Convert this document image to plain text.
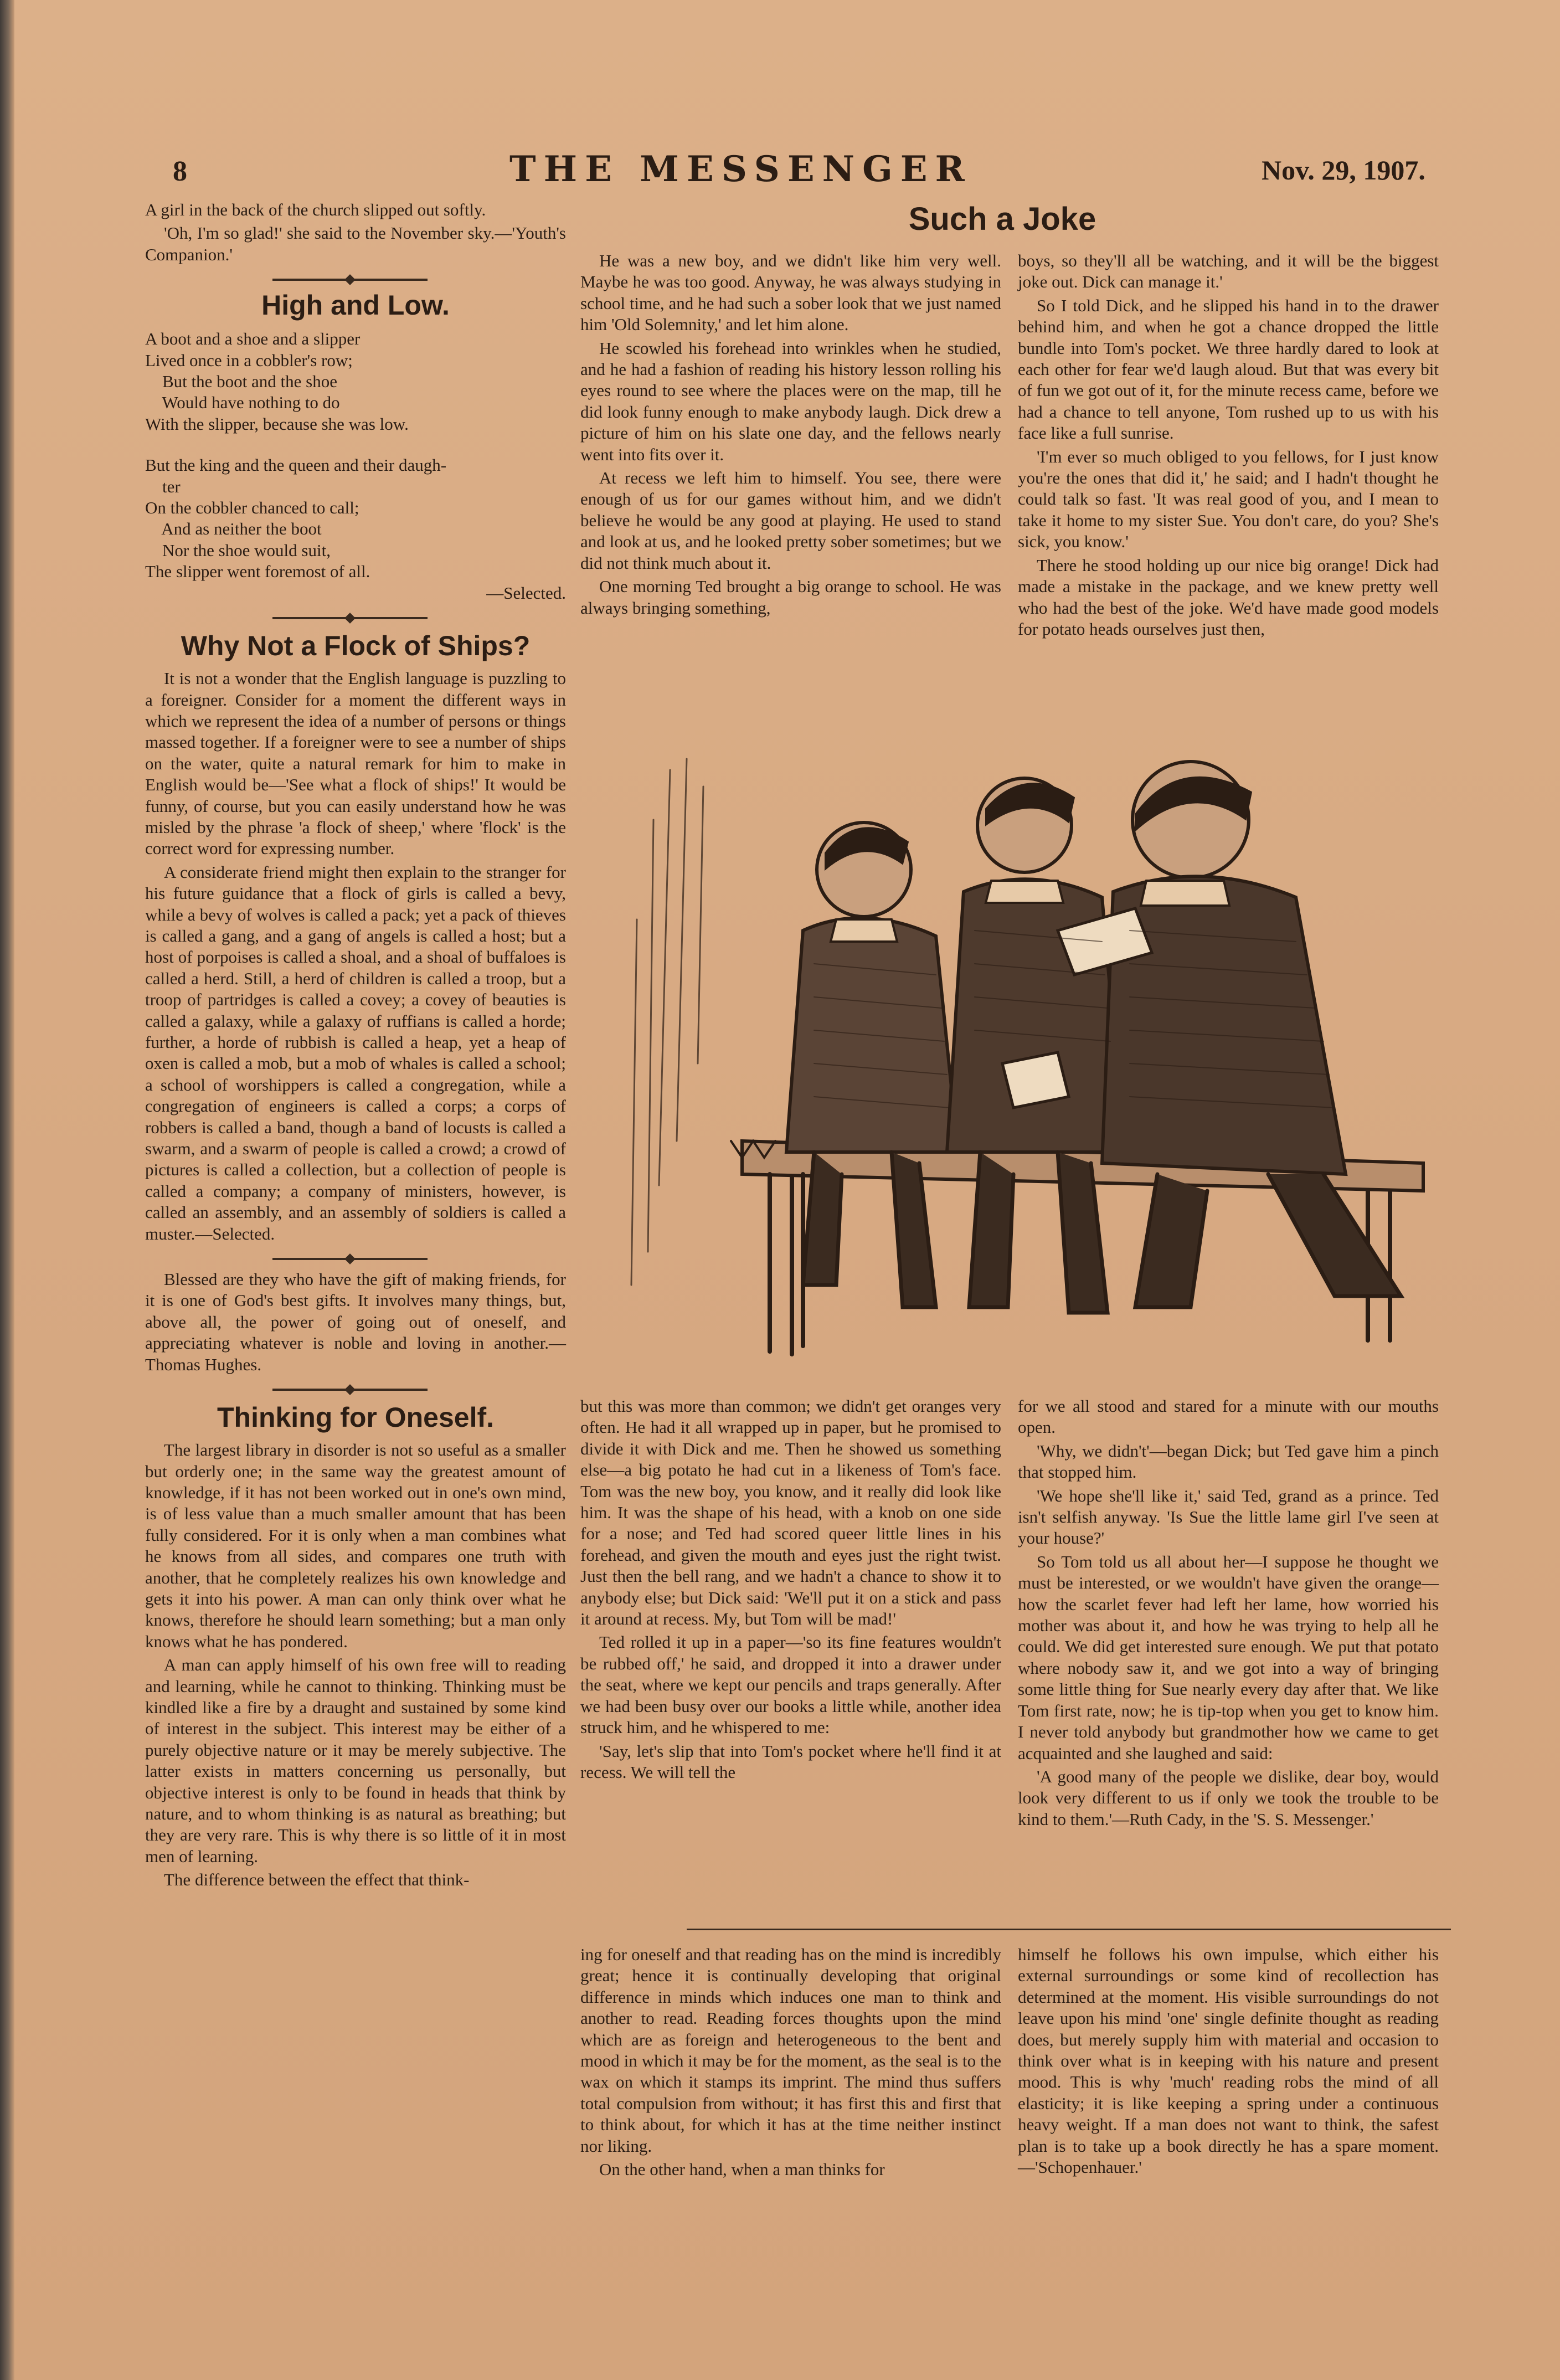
8	THE MESSENGER	Nov. 29, 1907.

A girl in the back of the church slipped out softly.

'Oh, I'm so glad!' she said to the November sky.—'Youth's Companion.'

High and Low.
A boot and a shoe and a slipper
Lived once in a cobbler's row;
But the boot and the shoe
Would have nothing to do
With the slipper, because she was low.
But the king and the queen and their daugh-
ter
On the cobbler chanced to call;
And as neither the boot
Nor the shoe would suit,
The slipper went foremost of all.

—Selected.

Why Not a Flock of Ships?

It is not a wonder that the English language is puzzling to a foreigner. Consider for a moment the different ways in which we represent the idea of a number of persons or things massed together. If a foreigner were to see a number of ships on the water, quite a natural remark for him to make in English would be—'See what a flock of ships!' It would be funny, of course, but you can easily understand how he was misled by the phrase 'a flock of sheep,' where 'flock' is the correct word for expressing number.

A considerate friend might then explain to the stranger for his future guidance that a flock of girls is called a bevy, while a bevy of wolves is called a pack; yet a pack of thieves is called a gang, and a gang of angels is called a host; but a host of porpoises is called a shoal, and a shoal of buffaloes is called a herd. Still, a herd of children is called a troop, but a troop of partridges is called a covey; a covey of beauties is called a galaxy, while a galaxy of ruffians is called a horde; further, a horde of rubbish is called a heap, yet a heap of oxen is called a mob, but a mob of whales is called a school; a school of worshippers is called a congregation, while a congregation of engineers is called a corps; a corps of robbers is called a band, though a band of locusts is called a swarm, and a swarm of people is called a crowd; a crowd of pictures is called a collection, but a collection of people is called a company; a company of ministers, however, is called an assembly, and an assembly of soldiers is called a muster.—Selected.

Blessed are they who have the gift of making friends, for it is one of God's best gifts. It involves many things, but, above all, the power of going out of oneself, and appreciating whatever is noble and loving in another.—Thomas Hughes.

Thinking for Oneself.

The largest library in disorder is not so useful as a smaller but orderly one; in the same way the greatest amount of knowledge, if it has not been worked out in one's own mind, is of less value than a much smaller amount that has been fully considered. For it is only when a man combines what he knows from all sides, and compares one truth with another, that he completely realizes his own knowledge and gets it into his power. A man can only think over what he knows, therefore he should learn something; but a man only knows what he has pondered.

A man can apply himself of his own free will to reading and learning, while he cannot to thinking. Thinking must be kindled like a fire by a draught and sustained by some kind of interest in the subject. This interest may be either of a purely objective nature or it may be merely subjective. The latter exists in matters concerning us personally, but objective interest is only to be found in heads that think by nature, and to whom thinking is as natural as breathing; but they are very rare. This is why there is so little of it in most men of learning.

The difference between the effect that think-

Such a Joke

He was a new boy, and we didn't like him very well. Maybe he was too good. Anyway, he was always studying in school time, and he had such a sober look that we just named him 'Old Solemnity,' and let him alone.

He scowled his forehead into wrinkles when he studied, and he had a fashion of reading his history lesson rolling his eyes round to see where the places were on the map, till he did look funny enough to make anybody laugh. Dick drew a picture of him on his slate one day, and the fellows nearly went into fits over it.

At recess we left him to himself. You see, there were enough of us for our games without him, and we didn't believe he would be any good at playing. He used to stand and look at us, and he looked pretty sober sometimes; but we did not think much about it.

One morning Ted brought a big orange to school. He was always bringing something,

boys, so they'll all be watching, and it will be the biggest joke out. Dick can manage it.'

So I told Dick, and he slipped his hand in to the drawer behind him, and when he got a chance dropped the little bundle into Tom's pocket. We three hardly dared to look at each other for fear we'd laugh aloud. But that was every bit of fun we got out of it, for the minute recess came, before we had a chance to tell anyone, Tom rushed up to us with his face like a full sunrise.

'I'm ever so much obliged to you fellows, for I just know you're the ones that did it,' he said; and I hadn't thought he could talk so fast. 'It was real good of you, and I mean to take it home to my sister Sue. You don't care, do you? She's sick, you know.'

There he stood holding up our nice big orange! Dick had made a mistake in the package, and we knew pretty well who had the best of the joke. We'd have made good models for potato heads ourselves just then,

but this was more than common; we didn't get oranges very often. He had it all wrapped up in paper, but he promised to divide it with Dick and me. Then he showed us something else—a big potato he had cut in a likeness of Tom's face. Tom was the new boy, you know, and it really did look like him. It was the shape of his head, with a knob on one side for a nose; and Ted had scored queer little lines in his forehead, and given the mouth and eyes just the right twist. Just then the bell rang, and we hadn't a chance to show it to anybody else; but Dick said: 'We'll put it on a stick and pass it around at recess. My, but Tom will be mad!'

Ted rolled it up in a paper—'so its fine features wouldn't be rubbed off,' he said, and dropped it into a drawer under the seat, where we kept our pencils and traps generally. After we had been busy over our books a little while, another idea struck him, and he whispered to me:

'Say, let's slip that into Tom's pocket where he'll find it at recess. We will tell the

for we all stood and stared for a minute with our mouths open.

'Why, we didn't'—began Dick; but Ted gave him a pinch that stopped him.

'We hope she'll like it,' said Ted, grand as a prince. Ted isn't selfish anyway. 'Is Sue the little lame girl I've seen at your house?'

So Tom told us all about her—I suppose he thought we must be interested, or we wouldn't have given the orange—how the scarlet fever had left her lame, how worried his mother was about it, and how he was trying to help all he could. We did get interested sure enough. We put that potato where nobody saw it, and we got into a way of bringing some little thing for Sue nearly every day after that. We like Tom first rate, now; he is tip-top when you get to know him. I never told anybody but grandmother how we came to get acquainted and she laughed and said:

'A good many of the people we dislike, dear boy, would look very different to us if only we took the trouble to be kind to them.'—Ruth Cady, in the 'S. S. Messenger.'

ing for oneself and that reading has on the mind is incredibly great; hence it is continually developing that original difference in minds which induces one man to think and another to read. Reading forces thoughts upon the mind which are as foreign and heterogeneous to the bent and mood in which it may be for the moment, as the seal is to the wax on which it stamps its imprint. The mind thus suffers total compulsion from without; it has first this and first that to think about, for which it has at the time neither instinct nor liking.

On the other hand, when a man thinks for

himself he follows his own impulse, which either his external surroundings or some kind of recollection has determined at the moment. His visible surroundings do not leave upon his mind 'one' single definite thought as reading does, but merely supply him with material and occasion to think over what is in keeping with his nature and present mood. This is why 'much' reading robs the mind of all elasticity; it is like keeping a spring under a continuous heavy weight. If a man does not want to think, the safest plan is to take up a book directly he has a spare moment.—'Schopenhauer.'
